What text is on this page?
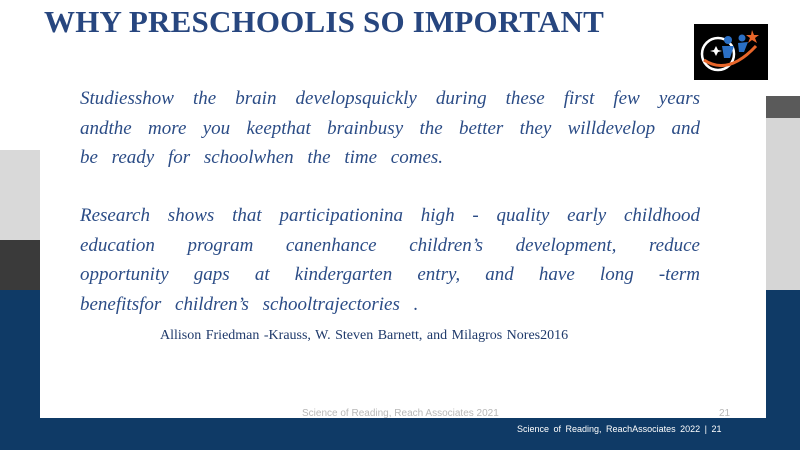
WHY PRESCHOOLIS SO IMPORTANT
Studiesshow the brain developsquickly during these first few years andthe more you keepthat brainbusy the better they willdevelop and be ready for schoolwhen the time comes.
Research shows that participationina high - quality early childhood education program canenhance children’s development, reduce opportunity gaps at kindergarten entry, and have long -term benefitsfor children’s schooltrajectories .
Allison Friedman -Krauss, W. Steven Barnett, and Milagros Nores2016
Science of Reading, Reach Associates 2021	21
Science of Reading, ReachAssociates 2022 | 21
